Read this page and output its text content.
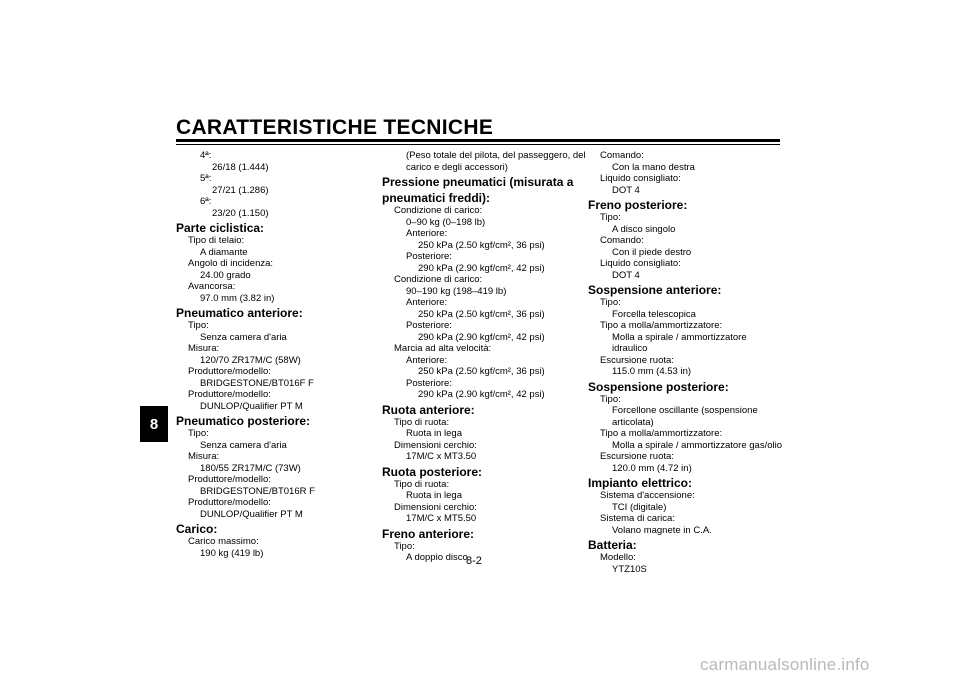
CARATTERISTICHE TECNICHE
8
4ª:
26/18 (1.444)
5ª:
27/21 (1.286)
6ª:
23/20 (1.150)
Parte ciclistica:
Tipo di telaio:
A diamante
Angolo di incidenza:
24.00 grado
Avancorsa:
97.0 mm (3.82 in)
Pneumatico anteriore:
Tipo:
Senza camera d'aria
Misura:
120/70 ZR17M/C (58W)
Produttore/modello:
BRIDGESTONE/BT016F F
Produttore/modello:
DUNLOP/Qualifier PT M
Pneumatico posteriore:
Tipo:
Senza camera d'aria
Misura:
180/55 ZR17M/C (73W)
Produttore/modello:
BRIDGESTONE/BT016R F
Produttore/modello:
DUNLOP/Qualifier PT M
Carico:
Carico massimo:
190 kg (419 lb)
(Peso totale del pilota, del passeggero, del
carico e degli accessori)
Pressione pneumatici (misurata a
pneumatici freddi):
Condizione di carico:
0–90 kg (0–198 lb)
Anteriore:
250 kPa (2.50 kgf/cm², 36 psi)
Posteriore:
290 kPa (2.90 kgf/cm², 42 psi)
Condizione di carico:
90–190 kg (198–419 lb)
Anteriore:
250 kPa (2.50 kgf/cm², 36 psi)
Posteriore:
290 kPa (2.90 kgf/cm², 42 psi)
Marcia ad alta velocità:
Anteriore:
250 kPa (2.50 kgf/cm², 36 psi)
Posteriore:
290 kPa (2.90 kgf/cm², 42 psi)
Ruota anteriore:
Tipo di ruota:
Ruota in lega
Dimensioni cerchio:
17M/C x MT3.50
Ruota posteriore:
Tipo di ruota:
Ruota in lega
Dimensioni cerchio:
17M/C x MT5.50
Freno anteriore:
Tipo:
A doppio disco
Comando:
Con la mano destra
Liquido consigliato:
DOT 4
Freno posteriore:
Tipo:
A disco singolo
Comando:
Con il piede destro
Liquido consigliato:
DOT 4
Sospensione anteriore:
Tipo:
Forcella telescopica
Tipo a molla/ammortizzatore:
Molla a spirale / ammortizzatore idraulico
Escursione ruota:
115.0 mm (4.53 in)
Sospensione posteriore:
Tipo:
Forcellone oscillante (sospensione
articolata)
Tipo a molla/ammortizzatore:
Molla a spirale / ammortizzatore gas/olio
Escursione ruota:
120.0 mm (4.72 in)
Impianto elettrico:
Sistema d'accensione:
TCI (digitale)
Sistema di carica:
Volano magnete in C.A.
Batteria:
Modello:
YTZ10S
8-2
carmanualsonline.info
